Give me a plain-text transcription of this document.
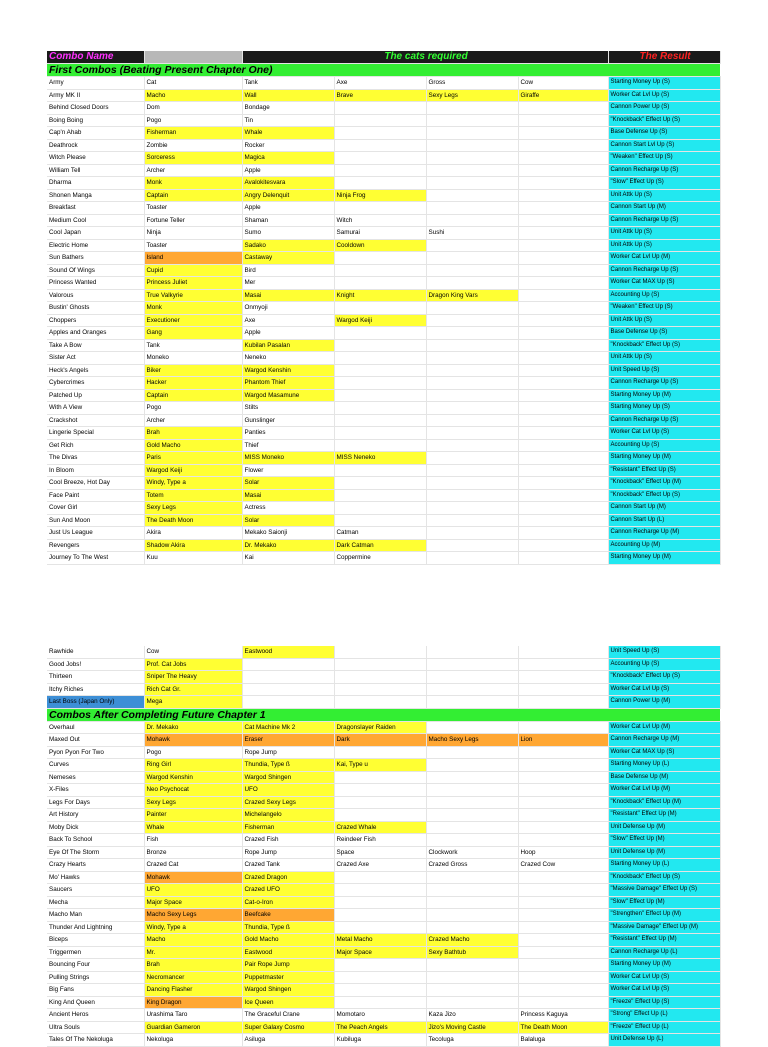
Combo Name		The cats required				The Result
First Combos (Beating Present Chapter One)						
Army	Cat	Tank	Axe	Gross	Cow	Starting Money Up (S)
Army MK II	Macho	Wall	Brave	Sexy Legs	Giraffe	Worker Cat Lvl Up (S)
Behind Closed Doors	Dom	Bondage				Cannon Power Up (S)
Boing Boing	Pogo	Tin				"Knockback" Effect Up (S)
Cap'n Ahab	Fisherman	Whale				Base Defense Up (S)
Deathrock	Zombie	Rocker				Cannon Start Lvl Up (S)
Witch Please	Sorceress	Magica				"Weaken" Effect Up (S)
William Tell	Archer	Apple				Cannon Recharge Up (S)
Dharma	Monk	Avalokitesvara				"Slow" Effect Up (S)
Shonen Manga	Captain	Angry Delenquit	Ninja Frog			Unit Attk Up (S)
Breakfast	Toaster	Apple				Cannon Start Up (M)
Medium Cool	Fortune Teller	Shaman	Witch			Cannon Recharge Up (S)
Cool Japan	Ninja	Sumo	Samurai	Sushi		Unit Attk Up (S)
Electric Home	Toaster	Sadako	Cooldown			Unit Attk Up (S)
Sun Bathers	Island	Castaway				Worker Cat Lvl Up (M)
Sound Of Wings	Cupid	Bird				Cannon Recharge Up (S)
Princess Wanted	Princess Juliet	Mer				Worker Cat MAX Up (S)
Valorous	True Valkyrie	Masai	Knight	Dragon King Vars		Accounting Up (S)
Bustin' Ghosts	Monk	Onmyoji				"Weaken" Effect Up (S)
Choppers	Executioner	Axe	Wargod Keiji			Unit Attk Up (S)
Apples and Oranges	Gang	Apple				Base Defense Up (S)
Take A Bow	Tank	Kubilan Pasalan				"Knockback" Effect Up (S)
Sister Act	Moneko	Neneko				Unit Attk Up (S)
Heck's Angels	Biker	Wargod Kenshin				Unit Speed Up (S)
Cybercrimes	Hacker	Phantom Thief				Cannon Recharge Up (S)
Patched Up	Captain	Wargod Masamune				Starting Money Up (M)
With A View	Pogo	Stilts				Starting Money Up (S)
Crackshot	Archer	Gunslinger				Cannon Recharge Up (S)
Lingerie Special	Brah	Panties				Worker Cat Lvl Up (S)
Get Rich	Gold Macho	Thief				Accounting Up (S)
The Divas	Paris	MISS Moneko	MISS Neneko			Starting Money Up (M)
In Bloom	Wargod Keiji	Flower				"Resistant" Effect Up (S)
Cool Breeze, Hot Day	Windy, Type a	Solar				"Knockback" Effect Up (M)
Face Paint	Totem	Masai				"Knockback" Effect Up (S)
Cover Girl	Sexy Legs	Actress				Cannon Start Up (M)
Sun And Moon	The Death Moon	Solar				Cannon Start Up (L)
Just Us League	Akira	Mekako Saionji	Catman			Cannon Recharge Up (M)
Revengers	Shadow Akira	Dr. Mekako	Dark Catman			Accounting Up (M)
Journey To The West	Kuu	Kai	Coppermine			Starting Money Up (M)
Rawhide	Cow	Eastwood				Unit Speed Up (S)
Good Jobs!	Prof. Cat Jobs					Accounting Up (S)
Thirteen	Sniper The Heavy					"Knockback" Effect Up (S)
Itchy Riches	Rich Cat Gr.					Worker Cat Lvl Up (S)
Last Boss (Japan Only)	Mega					Cannon Power Up (M)
Combos After Completing Future Chapter 1						
Overhaul	Dr. Mekako	Cat Machine Mk 2	Dragonslayer Raiden			Worker Cat Lvl Up (M)
Maxed Out	Mohawk	Eraser	Dark	Macho Sexy Legs	Lion	Cannon Recharge Up (M)
Pyon Pyon For Two	Pogo	Rope Jump				Worker Cat MAX Up (S)
Curves	Ring Girl	Thundia, Type ß	Kai, Type u			Starting Money Up (L)
Nemeses	Wargod Kenshin	Wargod Shingen				Base Defense Up (M)
X-Files	Neo Psychocat	UFO				Worker Cat Lvl Up (M)
Legs For Days	Sexy Legs	Crazed Sexy Legs				"Knockback" Effect Up (M)
Art History	Painter	Michelangelo				"Resistant" Effect Up (M)
Moby Dick	Whale	Fisherman	Crazed Whale			Unit Defense Up (M)
Back To School	Fish	Crazed Fish	Reindeer Fish			"Slow" Effect Up (M)
Eye Of The Storm	Bronze	Rope Jump	Space	Clockwork	Hoop	Unit Defense Up (M)
Crazy Hearts	Crazed Cat	Crazed Tank	Crazed Axe	Crazed Gross	Crazed Cow	Starting Money Up (L)
Mo' Hawks	Mohawk	Crazed Dragon				"Knockback" Effect Up (S)
Saucers	UFO	Crazed UFO				"Massive Damage" Effect Up (S)
Mecha	Major Space	Cat-o-Iron				"Slow" Effect Up (M)
Macho Man	Macho Sexy Legs	Beefcake				"Strengthen" Effect Up (M)
Thunder And Lightning	Windy, Type a	Thundia, Type ß				"Massive Damage" Effect Up (M)
Biceps	Macho	Gold Macho	Metal Macho	Crazed Macho		"Resistant" Effect Up (M)
Triggermen	Mr.	Eastwood	Major Space	Sexy Bathtub		Cannon Recharge Up (L)
Bouncing Four	Brah	Pair Rope Jump				Starting Money Up (M)
Pulling Strings	Necromancer	Puppetmaster				Worker Cat Lvl Up (S)
Big Fans	Dancing Flasher	Wargod Shingen				Worker Cat Lvl Up (S)
King And Queen	King Dragon	Ice Queen				"Freeze" Effect Up (S)
Ancient Heros	Urashima Taro	The Graceful Crane	Momotaro	Kaza Jizo	Princess Kaguya	"Strong" Effect Up (L)
Ultra Souls	Guardian Gameron	Super Galaxy Cosmo	The Peach Angels	Jizo's Moving Castle	The Death Moon	"Freeze" Effect Up (L)
Tales Of The Nekoluga	Nekoluga	Asiluga	Kubiluga	Tecoluga	Balaluga	Unit Defense Up (L)
